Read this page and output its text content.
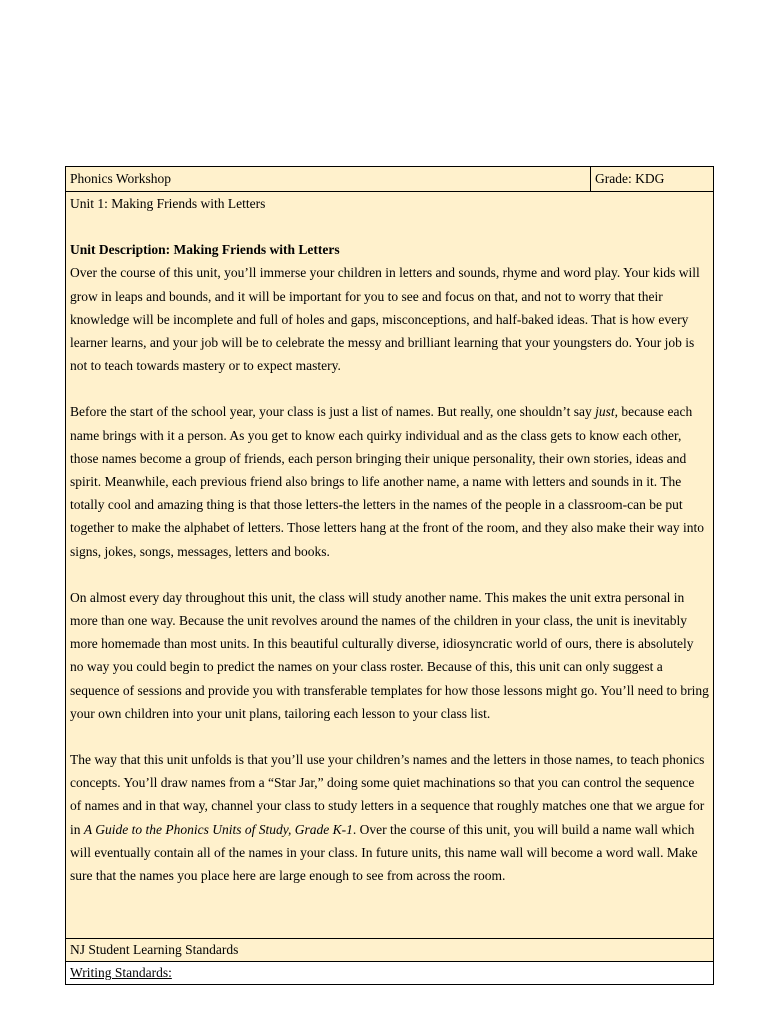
Phonics Workshop	Grade: KDG

Unit 1: Making Friends with Letters

Unit Description: Making Friends with Letters
Over the course of this unit, you’ll immerse your children in letters and sounds, rhyme and word play. Your kids will grow in leaps and bounds, and it will be important for you to see and focus on that, and not to worry that their knowledge will be incomplete and full of holes and gaps, misconceptions, and half-baked ideas. That is how every learner learns, and your job will be to celebrate the messy and brilliant learning that your youngsters do. Your job is not to teach towards mastery or to expect mastery.

Before the start of the school year, your class is just a list of names. But really, one shouldn’t say just, because each name brings with it a person. As you get to know each quirky individual and as the class gets to know each other, those names become a group of friends, each person bringing their unique personality, their own stories, ideas and spirit. Meanwhile, each previous friend also brings to life another name, a name with letters and sounds in it. The totally cool and amazing thing is that those letters-the letters in the names of the people in a classroom-can be put together to make the alphabet of letters. Those letters hang at the front of the room, and they also make their way into signs, jokes, songs, messages, letters and books.

On almost every day throughout this unit, the class will study another name. This makes the unit extra personal in more than one way. Because the unit revolves around the names of the children in your class, the unit is inevitably more homemade than most units. In this beautiful culturally diverse, idiosyncratic world of ours, there is absolutely no way you could begin to predict the names on your class roster. Because of this, this unit can only suggest a sequence of sessions and provide you with transferable templates for how those lessons might go. You’ll need to bring your own children into your unit plans, tailoring each lesson to your class list.

The way that this unit unfolds is that you’ll use your children’s names and the letters in those names, to teach phonics concepts. You’ll draw names from a “Star Jar,” doing some quiet machinations so that you can control the sequence of names and in that way, channel your class to study letters in a sequence that roughly matches one that we argue for in A Guide to the Phonics Units of Study, Grade K-1. Over the course of this unit, you will build a name wall which will eventually contain all of the names in your class. In future units, this name wall will become a word wall. Make sure that the names you place here are large enough to see from across the room.

NJ Student Learning Standards
Writing Standards:
